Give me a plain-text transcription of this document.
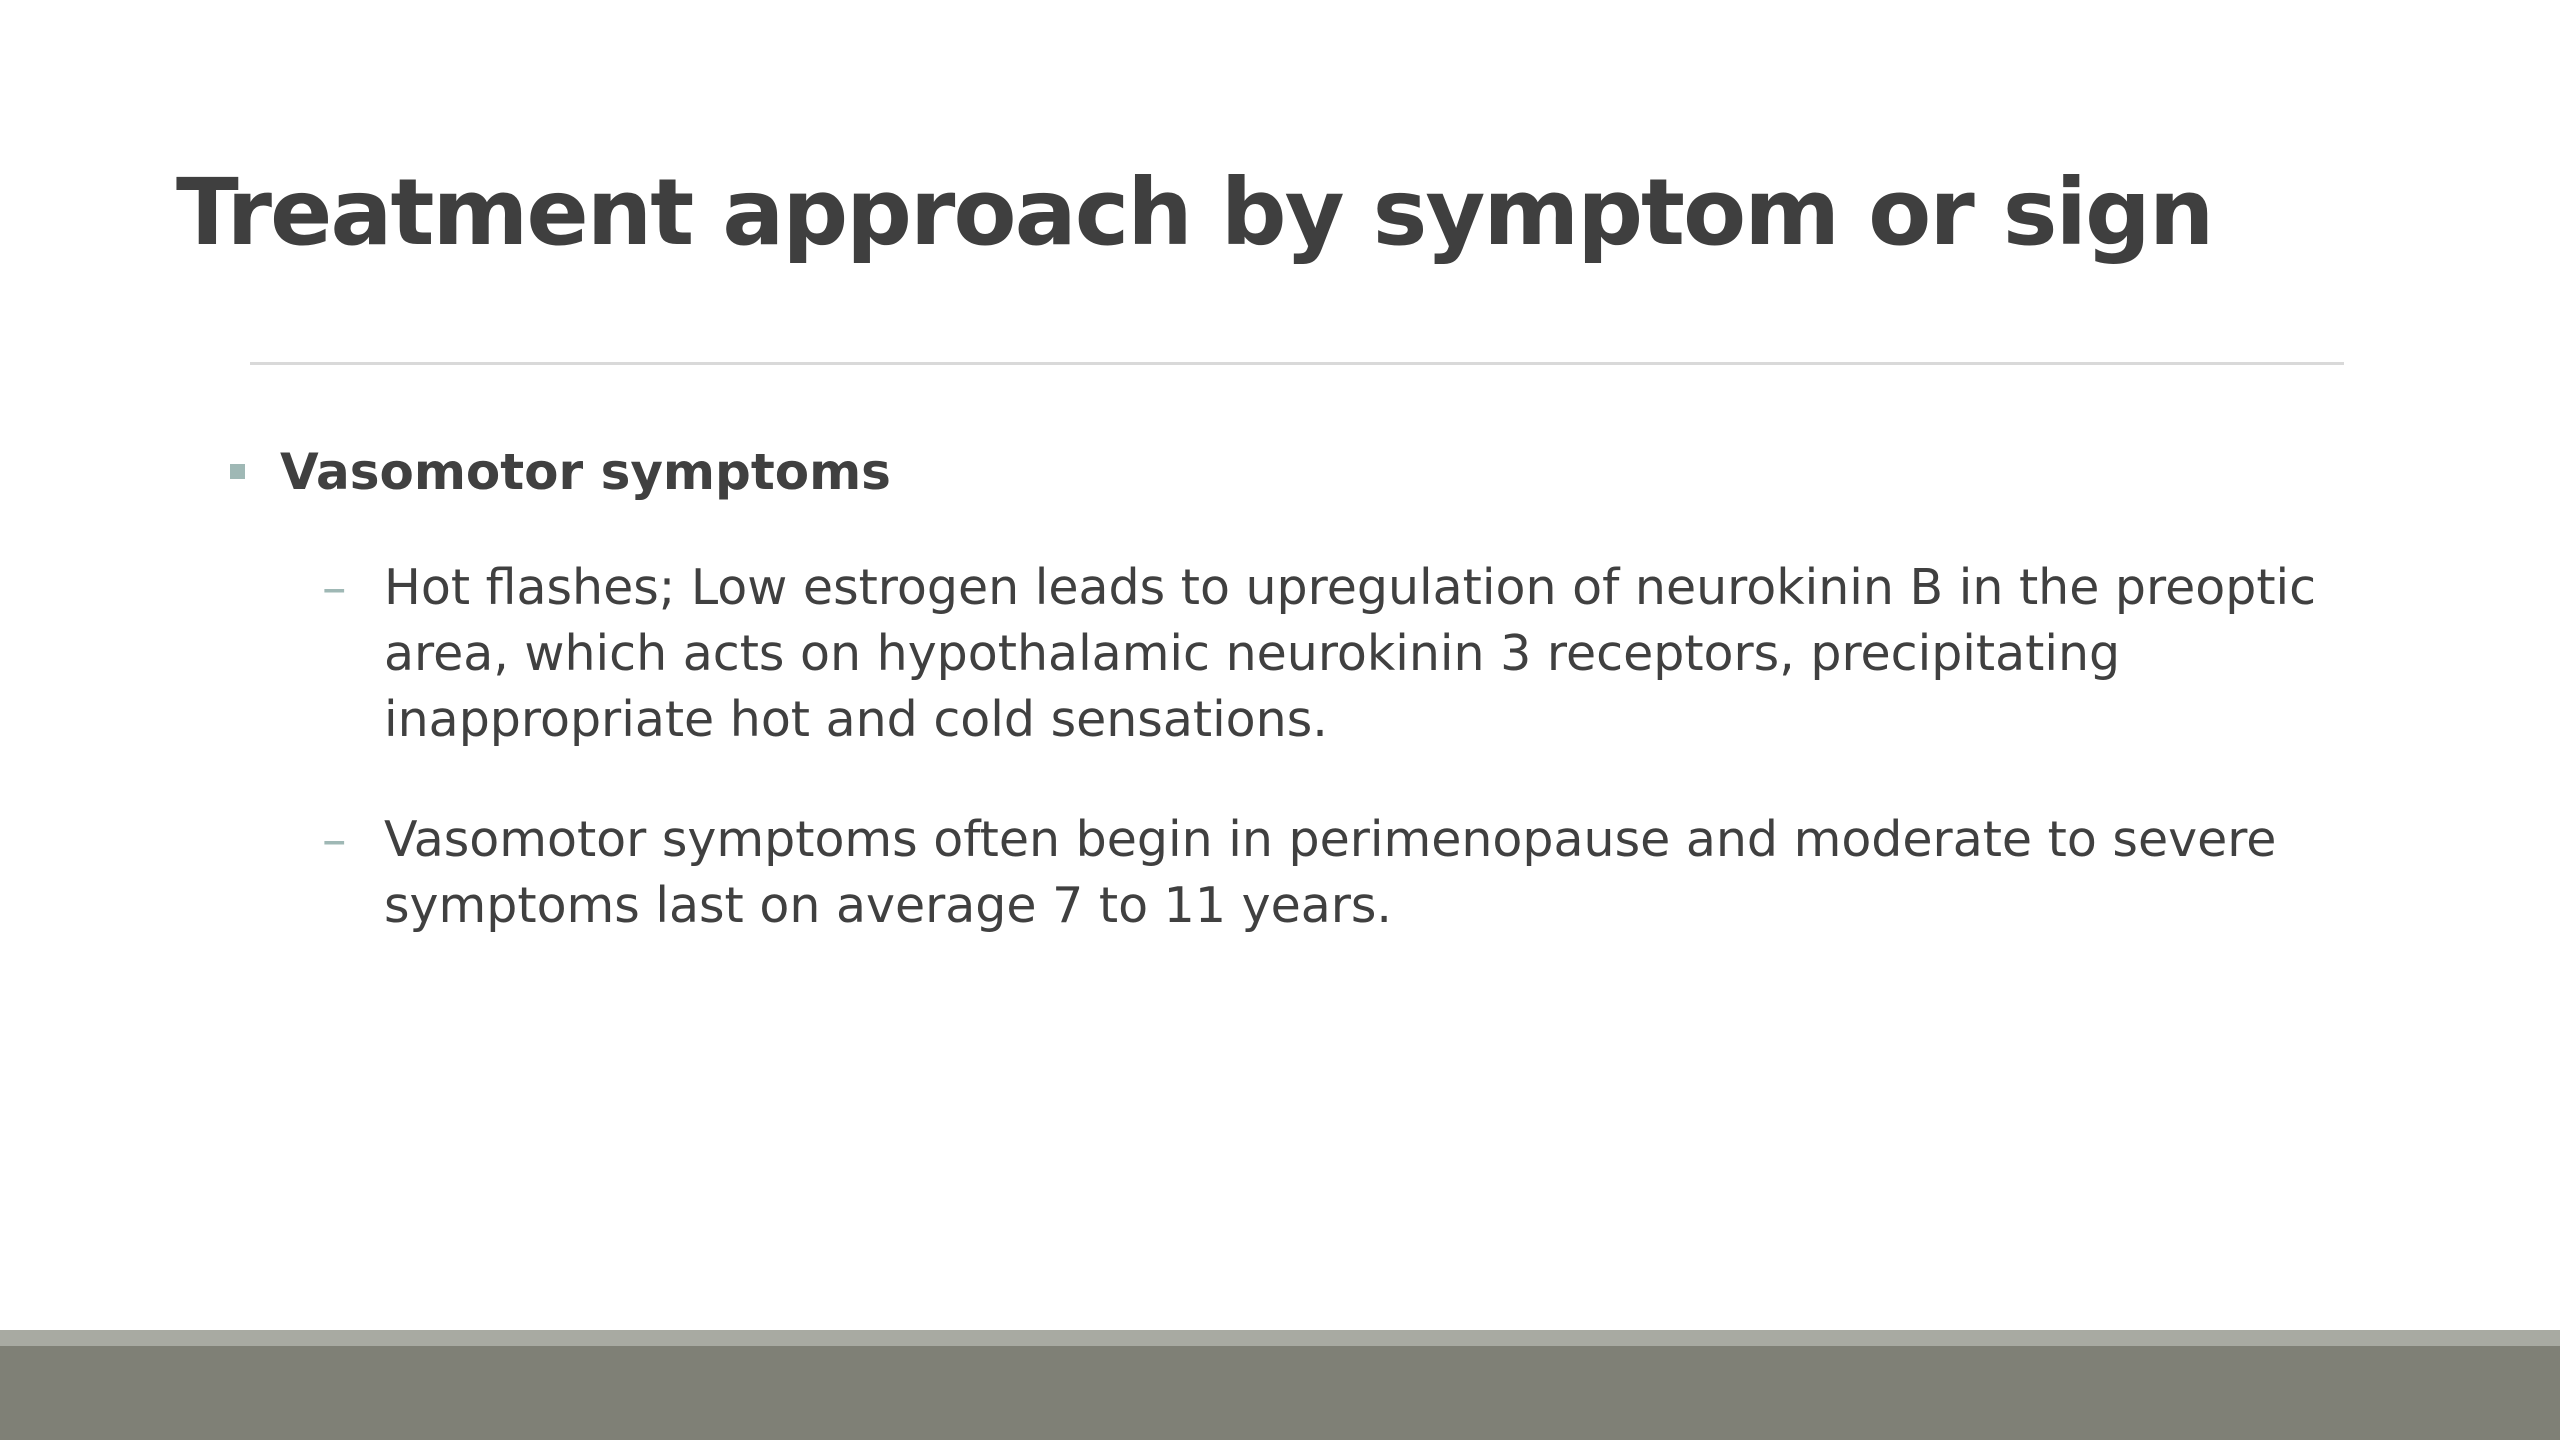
Treatment approach by symptom or sign
Vasomotor symptoms
– Hot flashes; Low estrogen leads to upregulation of neurokinin B in the preoptic area, which acts on hypothalamic neurokinin 3 receptors, precipitating inappropriate hot and cold sensations.
– Vasomotor symptoms often begin in perimenopause and moderate to severe symptoms last on average 7 to 11 years.
